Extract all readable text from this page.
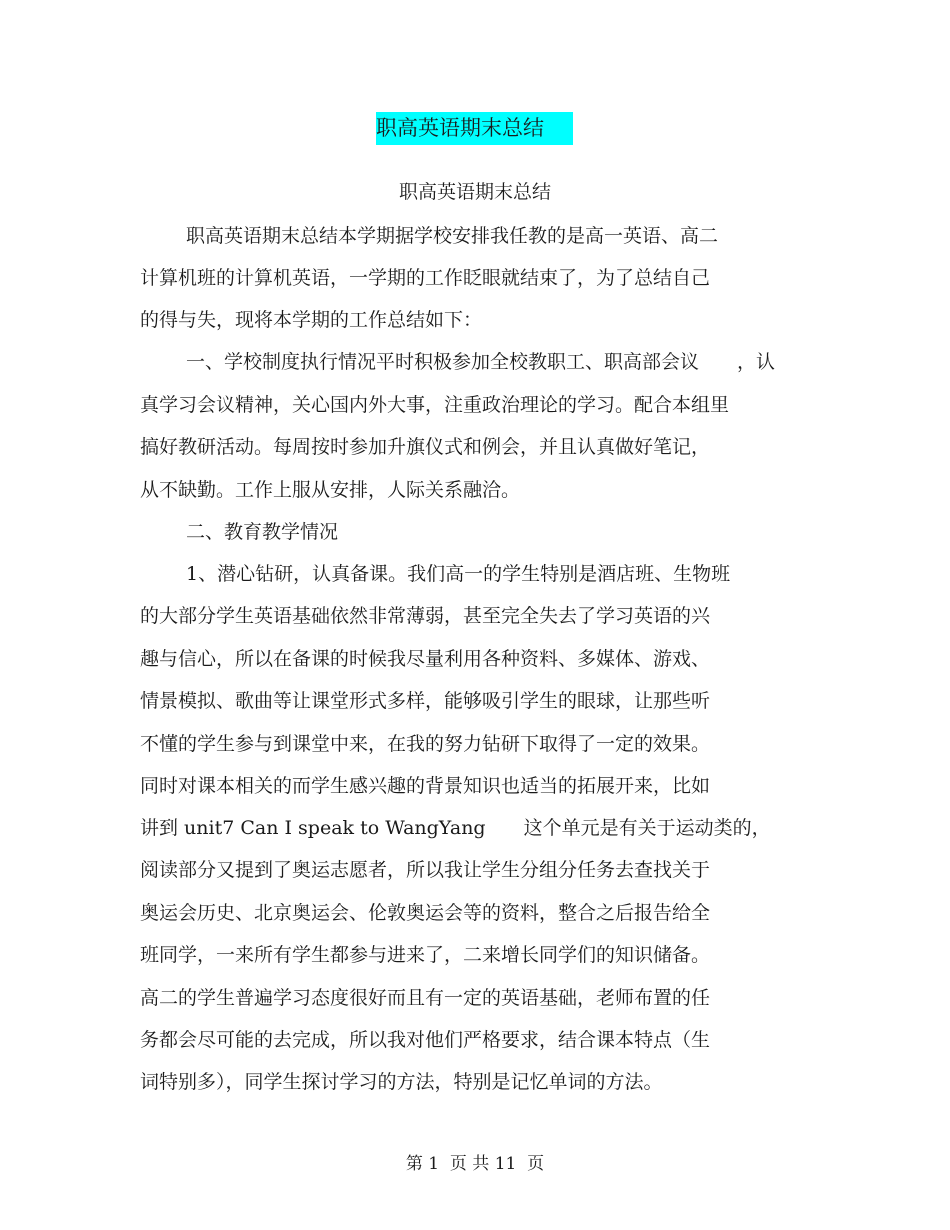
职高英语期末总结
职高英语期末总结
职高英语期末总结本学期据学校安排我任教的是高一英语、高二
计算机班的计算机英语，一学期的工作眨眼就结束了，为了总结自己
的得与失，现将本学期的工作总结如下：
一、学校制度执行情况平时积极参加全校教职工、职高部会议　　，认
真学习会议精神，关心国内外大事，注重政治理论的学习。配合本组里
搞好教研活动。每周按时参加升旗仪式和例会，并且认真做好笔记，
从不缺勤。工作上服从安排，人际关系融洽。
二、教育教学情况
1、潜心钻研，认真备课。我们高一的学生特别是酒店班、生物班
的大部分学生英语基础依然非常薄弱，甚至完全失去了学习英语的兴
趣与信心，所以在备课的时候我尽量利用各种资料、多媒体、游戏、
情景模拟、歌曲等让课堂形式多样，能够吸引学生的眼球，让那些听
不懂的学生参与到课堂中来，在我的努力钻研下取得了一定的效果。
同时对课本相关的而学生感兴趣的背景知识也适当的拓展开来，比如
讲到 unit7 Can I speak to WangYang　　这个单元是有关于运动类的，
阅读部分又提到了奥运志愿者，所以我让学生分组分任务去查找关于
奥运会历史、北京奥运会、伦敦奥运会等的资料，整合之后报告给全
班同学，一来所有学生都参与进来了，二来增长同学们的知识储备。
高二的学生普遍学习态度很好而且有一定的英语基础，老师布置的任
务都会尽可能的去完成，所以我对他们严格要求，结合课本特点（生
词特别多），同学生探讨学习的方法，特别是记忆单词的方法。
第 1  页 共 11  页
